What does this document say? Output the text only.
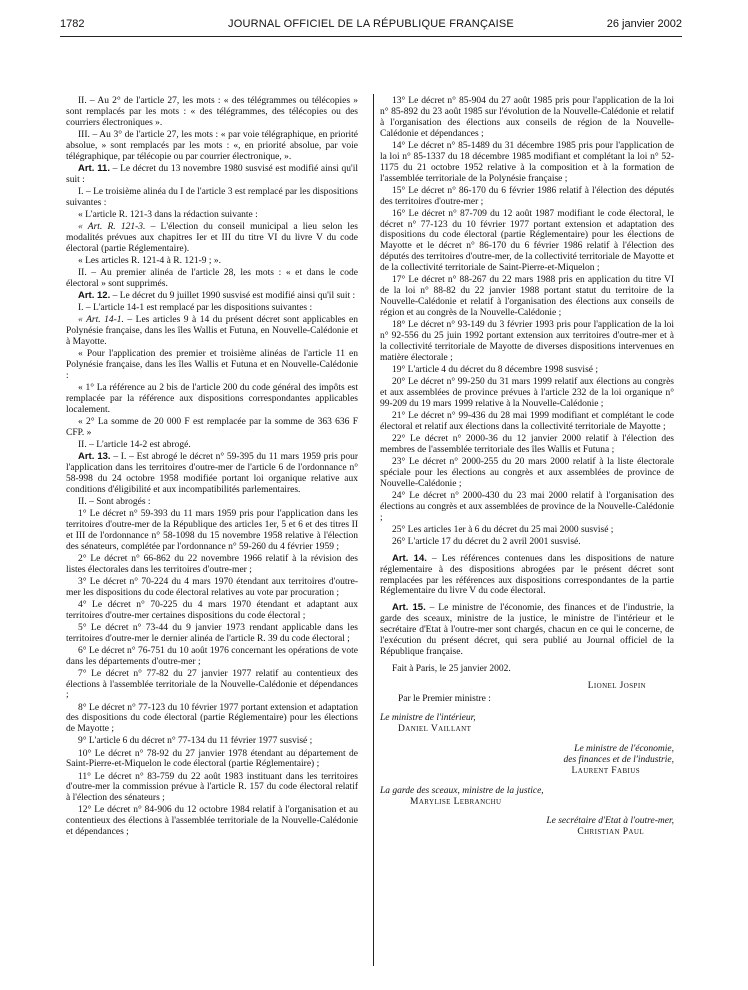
1782	JOURNAL OFFICIEL DE LA RÉPUBLIQUE FRANÇAISE	26 janvier 2002

II. – Au 2° de l'article 27, les mots : « des télégrammes ou télécopies » sont remplacés par les mots : « des télégrammes, des télécopies ou des courriers électroniques ».

III. – Au 3° de l'article 27, les mots : « par voie télégraphique, en priorité absolue, » sont remplacés par les mots : «, en priorité absolue, par voie télégraphique, par télécopie ou par courrier électronique, ».

Art. 11. – Le décret du 13 novembre 1980 susvisé est modifié ainsi qu'il suit :

I. – Le troisième alinéa du I de l'article 3 est remplacé par les dispositions suivantes :

« L'article R. 121-3 dans la rédaction suivante :

« Art. R. 121-3. – L'élection du conseil municipal a lieu selon les modalités prévues aux chapitres Ier et III du titre VI du livre V du code électoral (partie Réglementaire).

« Les articles R. 121-4 à R. 121-9 ; ».

II. – Au premier alinéa de l'article 28, les mots : « et dans le code électoral » sont supprimés.

Art. 12. – Le décret du 9 juillet 1990 susvisé est modifié ainsi qu'il suit :

I. – L'article 14-1 est remplacé par les dispositions suivantes :

« Art. 14-1. – Les articles 9 à 14 du présent décret sont applicables en Polynésie française, dans les îles Wallis et Futuna, en Nouvelle-Calédonie et à Mayotte.

« Pour l'application des premier et troisième alinéas de l'article 11 en Polynésie française, dans les îles Wallis et Futuna et en Nouvelle-Calédonie :

« 1° La référence au 2 bis de l'article 200 du code général des impôts est remplacée par la référence aux dispositions correspondantes applicables localement.

« 2° La somme de 20 000 F est remplacée par la somme de 363 636 F CFP. »

II. – L'article 14-2 est abrogé.

Art. 13. – I. – Est abrogé le décret n° 59-395 du 11 mars 1959 pris pour l'application dans les territoires d'outre-mer de l'article 6 de l'ordonnance n° 58-998 du 24 octobre 1958 modifiée portant loi organique relative aux conditions d'éligibilité et aux incompatibilités parlementaires.

II. – Sont abrogés :

1° Le décret n° 59-393 du 11 mars 1959 pris pour l'application dans les territoires d'outre-mer de la République des articles 1er, 5 et 6 et des titres II et III de l'ordonnance n° 58-1098 du 15 novembre 1958 relative à l'élection des sénateurs, complétée par l'ordonnance n° 59-260 du 4 février 1959 ;

2° Le décret n° 66-862 du 22 novembre 1966 relatif à la révision des listes électorales dans les territoires d'outre-mer ;

3° Le décret n° 70-224 du 4 mars 1970 étendant aux territoires d'outre-mer les dispositions du code électoral relatives au vote par procuration ;

4° Le décret n° 70-225 du 4 mars 1970 étendant et adaptant aux territoires d'outre-mer certaines dispositions du code électoral ;

5° Le décret n° 73-44 du 9 janvier 1973 rendant applicable dans les territoires d'outre-mer le dernier alinéa de l'article R. 39 du code électoral ;

6° Le décret n° 76-751 du 10 août 1976 concernant les opérations de vote dans les départements d'outre-mer ;

7° Le décret n° 77-82 du 27 janvier 1977 relatif au contentieux des élections à l'assemblée territoriale de la Nouvelle-Calédonie et dépendances ;

8° Le décret n° 77-123 du 10 février 1977 portant extension et adaptation des dispositions du code électoral (partie Réglementaire) pour les élections de Mayotte ;

9° L'article 6 du décret n° 77-134 du 11 février 1977 susvisé ;

10° Le décret n° 78-92 du 27 janvier 1978 étendant au département de Saint-Pierre-et-Miquelon le code électoral (partie Réglementaire) ;

11° Le décret n° 83-759 du 22 août 1983 instituant dans les territoires d'outre-mer la commission prévue à l'article R. 157 du code électoral relatif à l'élection des sénateurs ;

12° Le décret n° 84-906 du 12 octobre 1984 relatif à l'organisation et au contentieux des élections à l'assemblée territoriale de la Nouvelle-Calédonie et dépendances ;

13° Le décret n° 85-904 du 27 août 1985 pris pour l'application de la loi n° 85-892 du 23 août 1985 sur l'évolution de la Nouvelle-Calédonie et relatif à l'organisation des élections aux conseils de région de la Nouvelle-Calédonie et dépendances ;

14° Le décret n° 85-1489 du 31 décembre 1985 pris pour l'application de la loi n° 85-1337 du 18 décembre 1985 modifiant et complétant la loi n° 52-1175 du 21 octobre 1952 relative à la composition et à la formation de l'assemblée territoriale de la Polynésie française ;

15° Le décret n° 86-170 du 6 février 1986 relatif à l'élection des députés des territoires d'outre-mer ;

16° Le décret n° 87-709 du 12 août 1987 modifiant le code électoral, le décret n° 77-123 du 10 février 1977 portant extension et adaptation des dispositions du code électoral (partie Réglementaire) pour les élections de Mayotte et le décret n° 86-170 du 6 février 1986 relatif à l'élection des députés des territoires d'outre-mer, de la collectivité territoriale de Mayotte et de la collectivité territoriale de Saint-Pierre-et-Miquelon ;

17° Le décret n° 88-267 du 22 mars 1988 pris en application du titre VI de la loi n° 88-82 du 22 janvier 1988 portant statut du territoire de la Nouvelle-Calédonie et relatif à l'organisation des élections aux conseils de région et au congrès de la Nouvelle-Calédonie ;

18° Le décret n° 93-149 du 3 février 1993 pris pour l'application de la loi n° 92-556 du 25 juin 1992 portant extension aux territoires d'outre-mer et à la collectivité territoriale de Mayotte de diverses dispositions intervenues en matière électorale ;

19° L'article 4 du décret du 8 décembre 1998 susvisé ;

20° Le décret n° 99-250 du 31 mars 1999 relatif aux élections au congrès et aux assemblées de province prévues à l'article 232 de la loi organique n° 99-209 du 19 mars 1999 relative à la Nouvelle-Calédonie ;

21° Le décret n° 99-436 du 28 mai 1999 modifiant et complétant le code électoral et relatif aux élections dans la collectivité territoriale de Mayotte ;

22° Le décret n° 2000-36 du 12 janvier 2000 relatif à l'élection des membres de l'assemblée territoriale des îles Wallis et Futuna ;

23° Le décret n° 2000-255 du 20 mars 2000 relatif à la liste électorale spéciale pour les élections au congrès et aux assemblées de province de Nouvelle-Calédonie ;

24° Le décret n° 2000-430 du 23 mai 2000 relatif à l'organisation des élections au congrès et aux assemblées de province de la Nouvelle-Calédonie ;

25° Les articles 1er à 6 du décret du 25 mai 2000 susvisé ;

26° L'article 17 du décret du 2 avril 2001 susvisé.

Art. 14. – Les références contenues dans les dispositions de nature réglementaire à des dispositions abrogées par le présent décret sont remplacées par les références aux dispositions correspondantes de la partie Réglementaire du livre V du code électoral.

Art. 15. – Le ministre de l'économie, des finances et de l'industrie, la garde des sceaux, ministre de la justice, le ministre de l'intérieur et le secrétaire d'Etat à l'outre-mer sont chargés, chacun en ce qui le concerne, de l'exécution du présent décret, qui sera publié au Journal officiel de la République française.

Fait à Paris, le 25 janvier 2002.

Lionel Jospin
Par le Premier ministre :
Le ministre de l'intérieur,
Daniel Vaillant
Le ministre de l'économie,
des finances et de l'industrie,
Laurent Fabius
La garde des sceaux, ministre de la justice,
Marylise Lebranchu
Le secrétaire d'Etat à l'outre-mer,
Christian Paul
